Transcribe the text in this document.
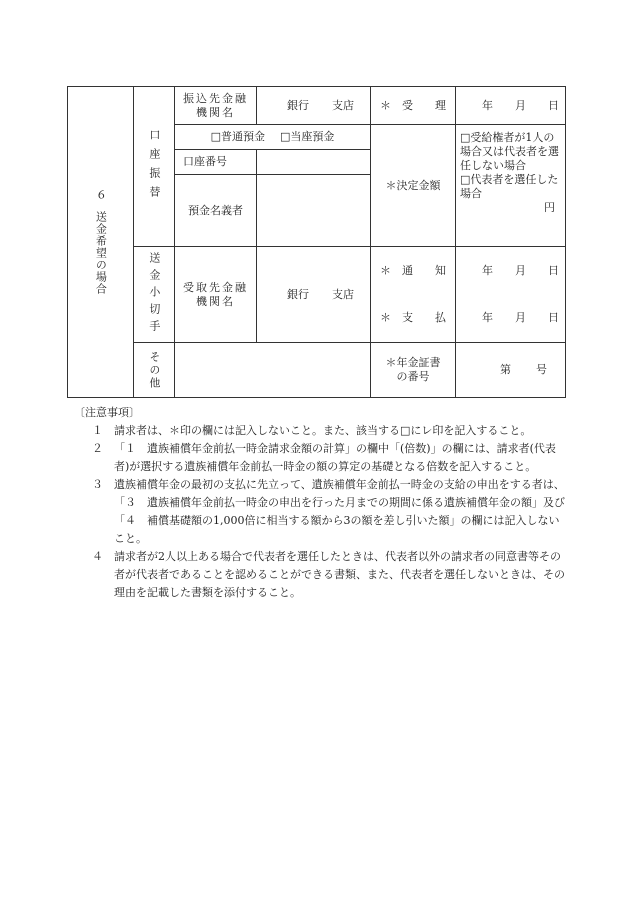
６送金希望の場合	口座振替	振込先金融機関名	銀行 支店	＊　受　　理	年 月 日

		□普通預金 □当座預金		＊決定金額	□受給権者が1人の場合又は代表者を選任しない場合
□代表者を選任した場合
円

		口座番号			
		預金名義者			

	送金小切手	受取先金融機関名	銀行 支店	＊　通　　知	年 月 日

				＊　支　　払	年 月 日

	その他			＊年金証書の番号	第 号
〔注意事項〕
１	請求者は、＊印の欄には記入しないこと。また、該当する□にレ印を記入すること。
２	「１　遺族補償年金前払一時金請求金額の計算」の欄中「(倍数)」の欄には、請求者(代表者)が選択する遺族補償年金前払一時金の額の算定の基礎となる倍数を記入すること。
３	遺族補償年金の最初の支払に先立って、遺族補償年金前払一時金の支給の申出をする者は、「３　遺族補償年金前払一時金の申出を行った月までの期間に係る遺族補償年金の額」及び「４　補償基礎額の1,000倍に相当する額から3の額を差し引いた額」の欄には記入しないこと。
４	請求者が2人以上ある場合で代表者を選任したときは、代表者以外の請求者の同意書等その者が代表者であることを認めることができる書類、また、代表者を選任しないときは、その理由を記載した書類を添付すること。
